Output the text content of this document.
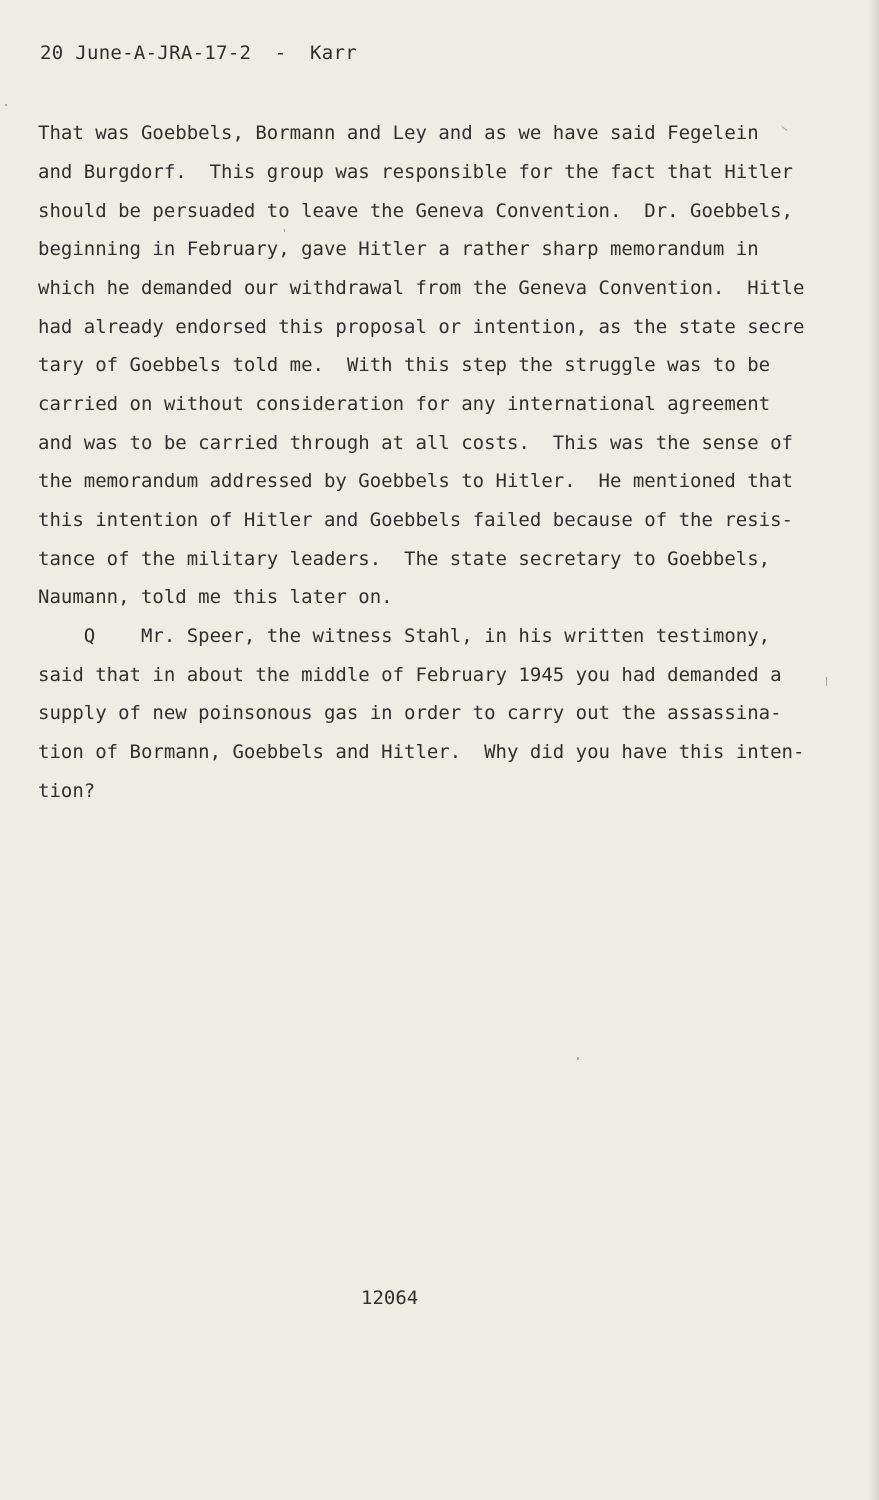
20 June-A-JRA-17-2  -  Karr
That was Goebbels, Bormann and Ley and as we have said Fegelein
and Burgdorf.  This group was responsible for the fact that Hitler
should be persuaded to leave the Geneva Convention.  Dr. Goebbels,
beginning in February, gave Hitler a rather sharp memorandum in
which he demanded our withdrawal from the Geneva Convention.  Hitle
had already endorsed this proposal or intention, as the state secre
tary of Goebbels told me.  With this step the struggle was to be
carried on without consideration for any international agreement
and was to be carried through at all costs.  This was the sense of
the memorandum addressed by Goebbels to Hitler.  He mentioned that
this intention of Hitler and Goebbels failed because of the resis-
tance of the military leaders.  The state secretary to Goebbels,
Naumann, told me this later on.
Q    Mr. Speer, the witness Stahl, in his written testimony,
said that in about the middle of February 1945 you had demanded a
supply of new poinsonous gas in order to carry out the assassina-
tion of Bormann, Goebbels and Hitler.  Why did you have this inten-
tion?
12064
